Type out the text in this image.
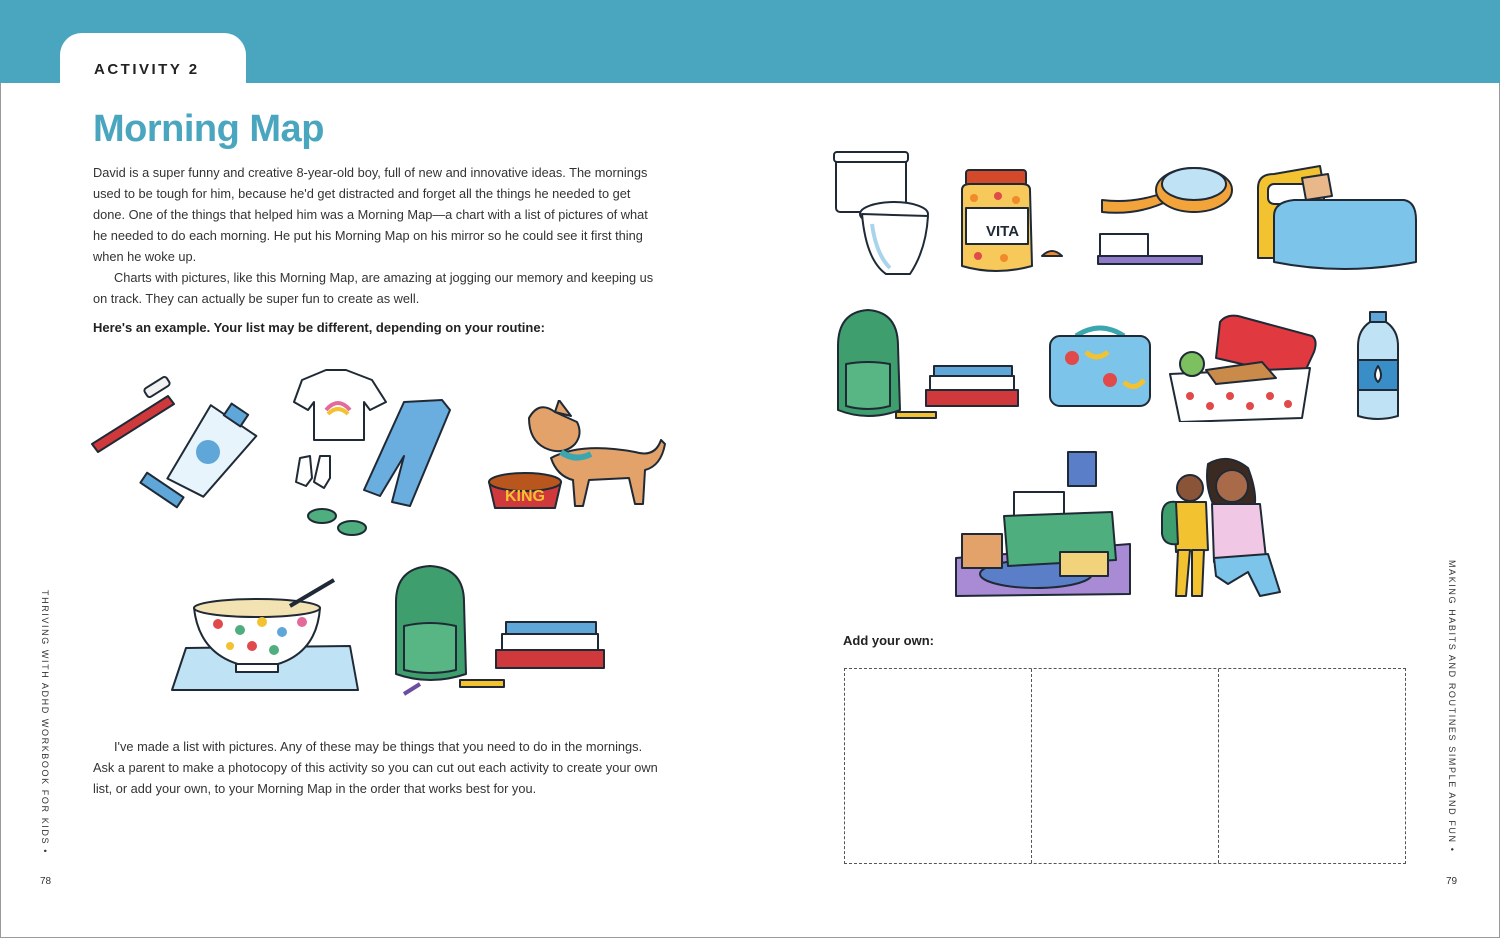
ACTIVITY 2
Morning Map

David is a super funny and creative 8-year-old boy, full of new and innovative ideas. The mornings used to be tough for him, because he'd get distracted and forget all the things he needed to get done. One of the things that helped him was a Morning Map—a chart with a list of pictures of what he needed to do each morning. He put his Morning Map on his mirror so he could see it first thing when he woke up.

Charts with pictures, like this Morning Map, are amazing at jogging our memory and keeping us on track. They can actually be super fun to create as well.

Here's an example. Your list may be different, depending on your routine:
KING

I've made a list with pictures. Any of these may be things that you need to do in the mornings. Ask a parent to make a photocopy of this activity so you can cut out each activity to create your own list, or add your own, to your Morning Map in the order that works best for you.

THRIVING WITH ADHD WORKBOOK FOR KIDS •
78
VITA
Add your own:	MAKING HABITS AND ROUTINES SIMPLE AND FUN •
79
